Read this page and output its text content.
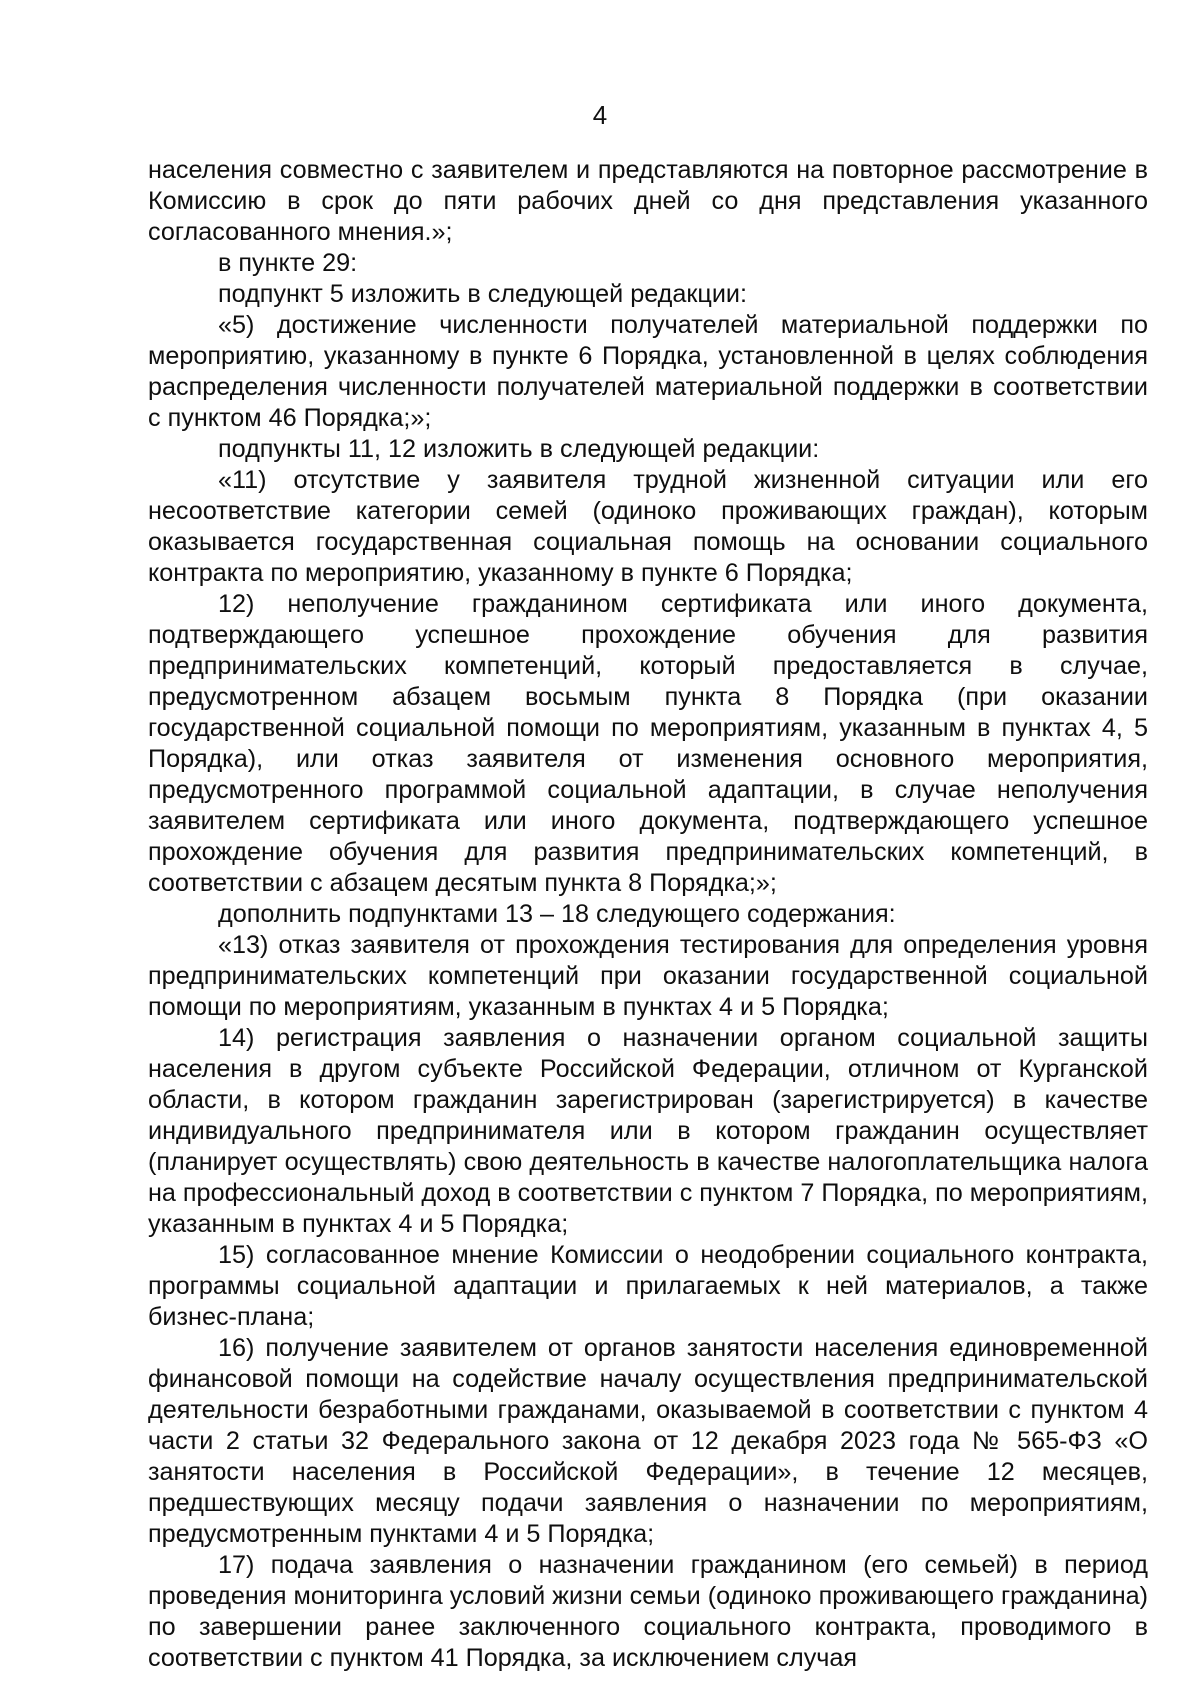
4

населения совместно с заявителем и представляются на повторное рассмотрение в Комиссию в срок до пяти рабочих дней со дня представления указанного согласованного мнения.»;

в пункте 29:

подпункт 5 изложить в следующей редакции:

«5) достижение численности получателей материальной поддержки по мероприятию, указанному в пункте 6 Порядка, установленной в целях соблюдения распределения численности получателей материальной поддержки в соответствии с пунктом 46 Порядка;»;

подпункты 11, 12 изложить в следующей редакции:

«11) отсутствие у заявителя трудной жизненной ситуации или его несоответствие категории семей (одиноко проживающих граждан), которым оказывается государственная социальная помощь на основании социального контракта по мероприятию, указанному в пункте 6 Порядка;

12) неполучение гражданином сертификата или иного документа, подтверждающего успешное прохождение обучения для развития предпринимательских компетенций, который предоставляется в случае, предусмотренном абзацем восьмым пункта 8 Порядка (при оказании государственной социальной помощи по мероприятиям, указанным в пунктах 4, 5 Порядка), или отказ заявителя от изменения основного мероприятия, предусмотренного программой социальной адаптации, в случае неполучения заявителем сертификата или иного документа, подтверждающего успешное прохождение обучения для развития предпринимательских компетенций, в соответствии с абзацем десятым пункта 8 Порядка;»;

дополнить подпунктами 13 – 18 следующего содержания:

«13) отказ заявителя от прохождения тестирования для определения уровня предпринимательских компетенций при оказании государственной социальной помощи по мероприятиям, указанным в пунктах 4 и 5 Порядка;

14) регистрация заявления о назначении органом социальной защиты населения в другом субъекте Российской Федерации, отличном от Курганской области, в котором гражданин зарегистрирован (зарегистрируется) в качестве индивидуального предпринимателя или в котором гражданин осуществляет (планирует осуществлять) свою деятельность в качестве налогоплательщика налога на профессиональный доход в соответствии с пунктом 7 Порядка, по мероприятиям, указанным в пунктах 4 и 5 Порядка;

15) согласованное мнение Комиссии о неодобрении социального контракта, программы социальной адаптации и прилагаемых к ней материалов, а также бизнес-плана;

16) получение заявителем от органов занятости населения единовременной финансовой помощи на содействие началу осуществления предпринимательской деятельности безработными гражданами, оказываемой в соответствии с пунктом 4 части 2 статьи 32 Федерального закона от 12 декабря 2023 года № 565-ФЗ «О занятости населения в Российской Федерации», в течение 12 месяцев, предшествующих месяцу подачи заявления о назначении по мероприятиям, предусмотренным пунктами 4 и 5 Порядка;

17) подача заявления о назначении гражданином (его семьей) в период проведения мониторинга условий жизни семьи (одиноко проживающего гражданина) по завершении ранее заключенного социального контракта, проводимого в соответствии с пунктом 41 Порядка, за исключением случая
